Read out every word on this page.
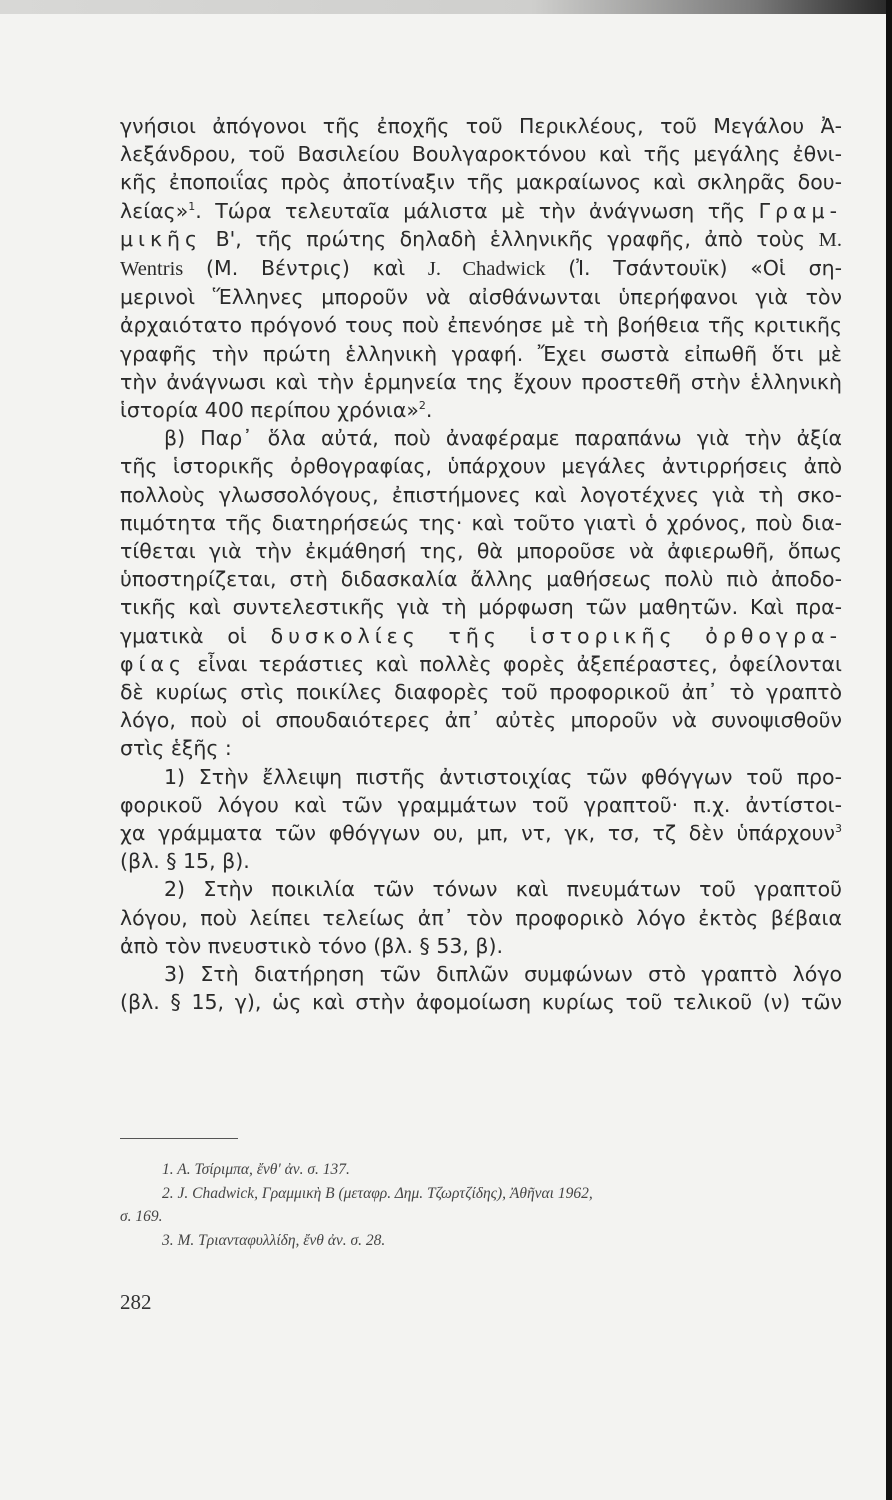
γνήσιοι ἀπόγονοι τῆς ἐποχῆς τοῦ Περικλέους, τοῦ Μεγάλου Ἀ-
λεξάνδρου, τοῦ Βασιλείου Βουλγαροκτόνου καὶ τῆς μεγάλης ἐθνι-
κῆς ἐποποιΐας πρὸς ἀποτίναξιν τῆς μακραίωνος καὶ σκληρᾶς δου-
λείας»$^1$. Τώρα τελευταῖα μάλιστα μὲ τὴν ἀνάγνωση τῆς Γραμ-
μικῆς Β', τῆς πρώτης δηλαδὴ ἑλληνικῆς γραφῆς, ἀπὸ τοὺς M.
Wentris (Μ. Βέντρις) καὶ J. Chadwick (Ἰ. Τσάντουϊκ) «Οἱ ση-
μερινοὶ Ἕλληνες μποροῦν νὰ αἰσθάνωνται ὑπερήφανοι γιὰ τὸν
ἀρχαιότατο πρόγονό τους ποὺ ἐπενόησε μὲ τὴ βοήθεια τῆς κριτικῆς
γραφῆς τὴν πρώτη ἑλληνικὴ γραφή. Ἔχει σωστὰ εἰπωθῆ ὅτι μὲ
τὴν ἀνάγνωσι καὶ τὴν ἑρμηνεία της ἔχουν προστεθῆ στὴν ἑλληνικὴ
ἱστορία 400 περίπου χρόνια»$^2$.
β) Παρ᾽ ὅλα αὐτά, ποὺ ἀναφέραμε παραπάνω γιὰ τὴν ἀξία
τῆς ἱστορικῆς ὀρθογραφίας, ὑπάρχουν μεγάλες ἀντιρρήσεις ἀπὸ
πολλοὺς γλωσσολόγους, ἐπιστήμονες καὶ λογοτέχνες γιὰ τὴ σκο-
πιμότητα τῆς διατηρήσεώς της· καὶ τοῦτο γιατὶ ὁ χρόνος, ποὺ δια-
τίθεται γιὰ τὴν ἐκμάθησή της, θὰ μποροῦσε νὰ ἀφιερωθῆ, ὅπως
ὑποστηρίζεται, στὴ διδασκαλία ἄλλης μαθήσεως πολὺ πιὸ ἀποδο-
τικῆς καὶ συντελεστικῆς γιὰ τὴ μόρφωση τῶν μαθητῶν. Καὶ πρα-
γματικὰ οἱ δυσκολίες τῆς ἱστορικῆς ὀρθογρα-
φίας εἶναι τεράστιες καὶ πολλὲς φορὲς ἀξεπέραστες, ὀφείλονται
δὲ κυρίως στὶς ποικίλες διαφορὲς τοῦ προφορικοῦ ἀπ᾽ τὸ γραπτὸ
λόγο, ποὺ οἱ σπουδαιότερες ἀπ᾽ αὐτὲς μποροῦν νὰ συνοψισθοῦν
στὶς ἑξῆς :
1) Στὴν ἔλλειψη πιστῆς ἀντιστοιχίας τῶν φθόγγων τοῦ προ-
φορικοῦ λόγου καὶ τῶν γραμμάτων τοῦ γραπτοῦ· π.χ. ἀντίστοι-
χα γράμματα τῶν φθόγγων ου, μπ, ντ, γκ, τσ, τζ δὲν ὑπάρχουν$^3$
(βλ. § 15, β).
2) Στὴν ποικιλία τῶν τόνων καὶ πνευμάτων τοῦ γραπτοῦ
λόγου, ποὺ λείπει τελείως ἀπ᾽ τὸν προφορικὸ λόγο ἐκτὸς βέβαια
ἀπὸ τὸν πνευστικὸ τόνο (βλ. § 53, β).
3) Στὴ διατήρηση τῶν διπλῶν συμφώνων στὸ γραπτὸ λόγο
(βλ. § 15, γ), ὡς καὶ στὴν ἀφομοίωση κυρίως τοῦ τελικοῦ (ν) τῶν
1. Α. Τσίριμπα, ἔνθ' ἀν. σ. 137.
2. J. Chadwick, Γραμμικὴ Β (μεταφρ. Δημ. Τζωρτζίδης), Ἀθῆναι 1962,
σ. 169.
3. Μ. Τριανταφυλλίδη, ἔνθ ἀν. σ. 28.
282
